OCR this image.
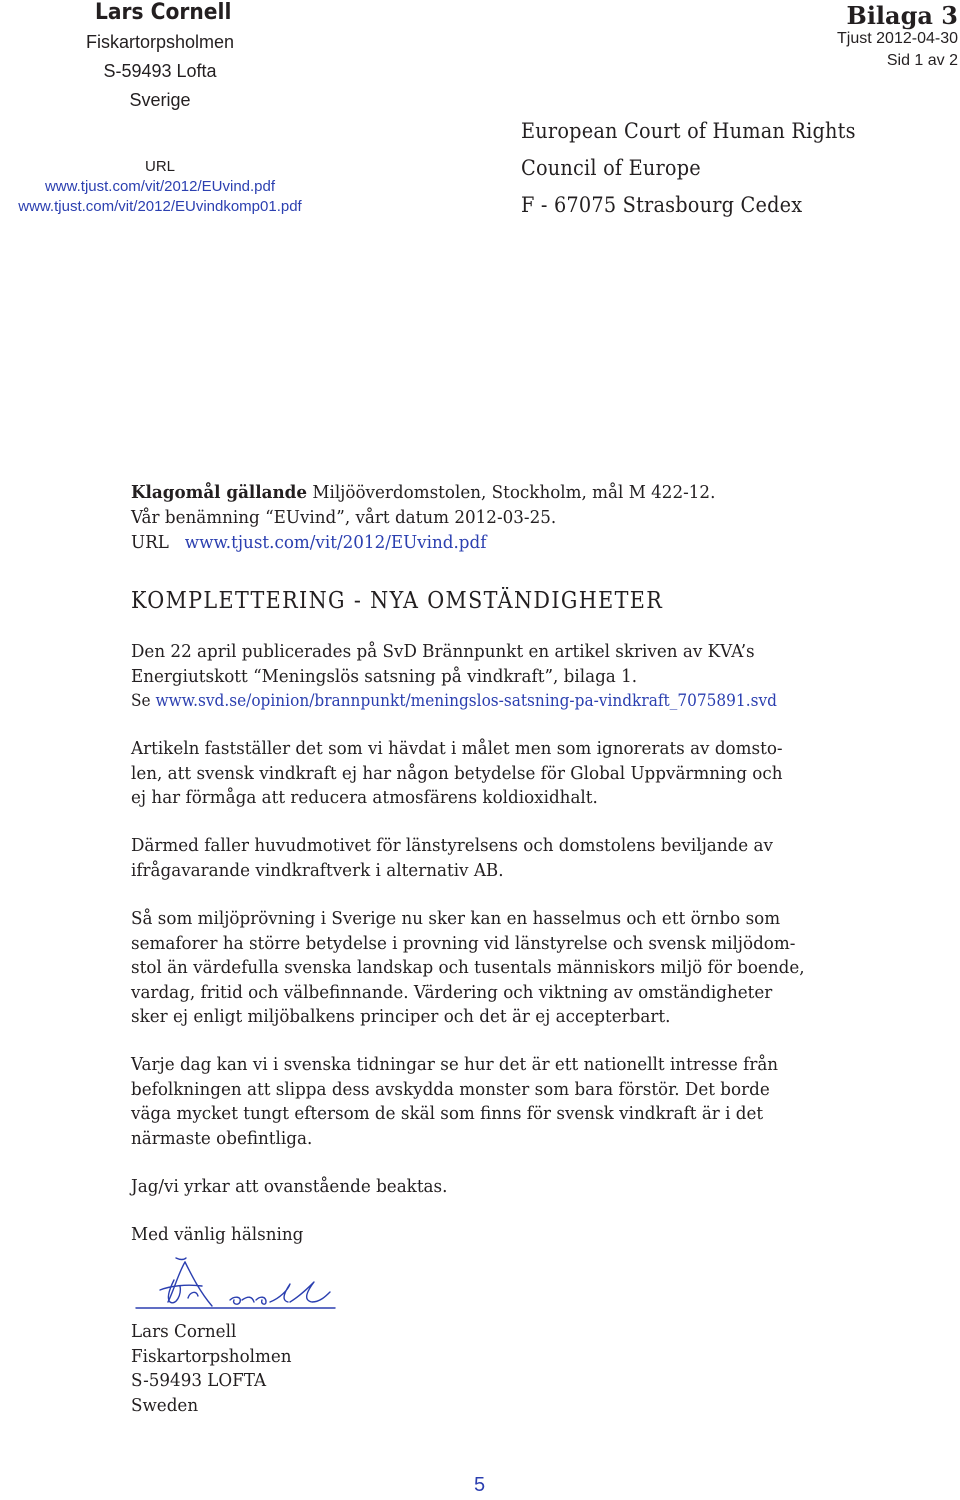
Lars Cornell
Fiskartorpsholmen
S-59493 Lofta
Sverige
URL
www.tjust.com/vit/2012/EUvind.pdf
www.tjust.com/vit/2012/EUvindkomp01.pdf
Bilaga 3
Tjust 2012-04-30
Sid 1 av 2
European Court of Human Rights
Council of Europe
F - 67075 Strasbourg Cedex
Klagomål gällande Miljööverdomstolen, Stockholm, mål M 422-12.
Vår benämning “EUvind”, vårt datum 2012-03-25.
URL www.tjust.com/vit/2012/EUvind.pdf
KOMPLETTERING - NYA OMSTÄNDIGHETER
Den 22 april publicerades på SvD Brännpunkt en artikel skriven av KVA’s
Energiutskott “Meningslös satsning på vindkraft”, bilaga 1.
Se www.svd.se/opinion/brannpunkt/meningslos-satsning-pa-vindkraft_7075891.svd
Artikeln fastställer det som vi hävdat i målet men som ignorerats av domsto-
len, att svensk vindkraft ej har någon betydelse för Global Uppvärmning och
ej har förmåga att reducera atmosfärens koldioxidhalt.
Därmed faller huvudmotivet för länstyrelsens och domstolens beviljande av
ifrågavarande vindkraftverk i alternativ AB.
Så som miljöprövning i Sverige nu sker kan en hasselmus och ett örnbo som
semaforer ha större betydelse i provning vid länstyrelse och svensk miljödom-
stol än värdefulla svenska landskap och tusentals människors miljö för boende,
vardag, fritid och välbefinnande. Värdering och viktning av omständigheter
sker ej enligt miljöbalkens principer och det är ej accepterbart.
Varje dag kan vi i svenska tidningar se hur det är ett nationellt intresse från
befolkningen att slippa dess avskydda monster som bara förstör. Det borde
väga mycket tungt eftersom de skäl som finns för svensk vindkraft är i det
närmaste obefintliga.
Jag/vi yrkar att ovanstående beaktas.
Med vänlig hälsning
Lars Cornell
Fiskartorpsholmen
S-59493 LOFTA
Sweden
5
